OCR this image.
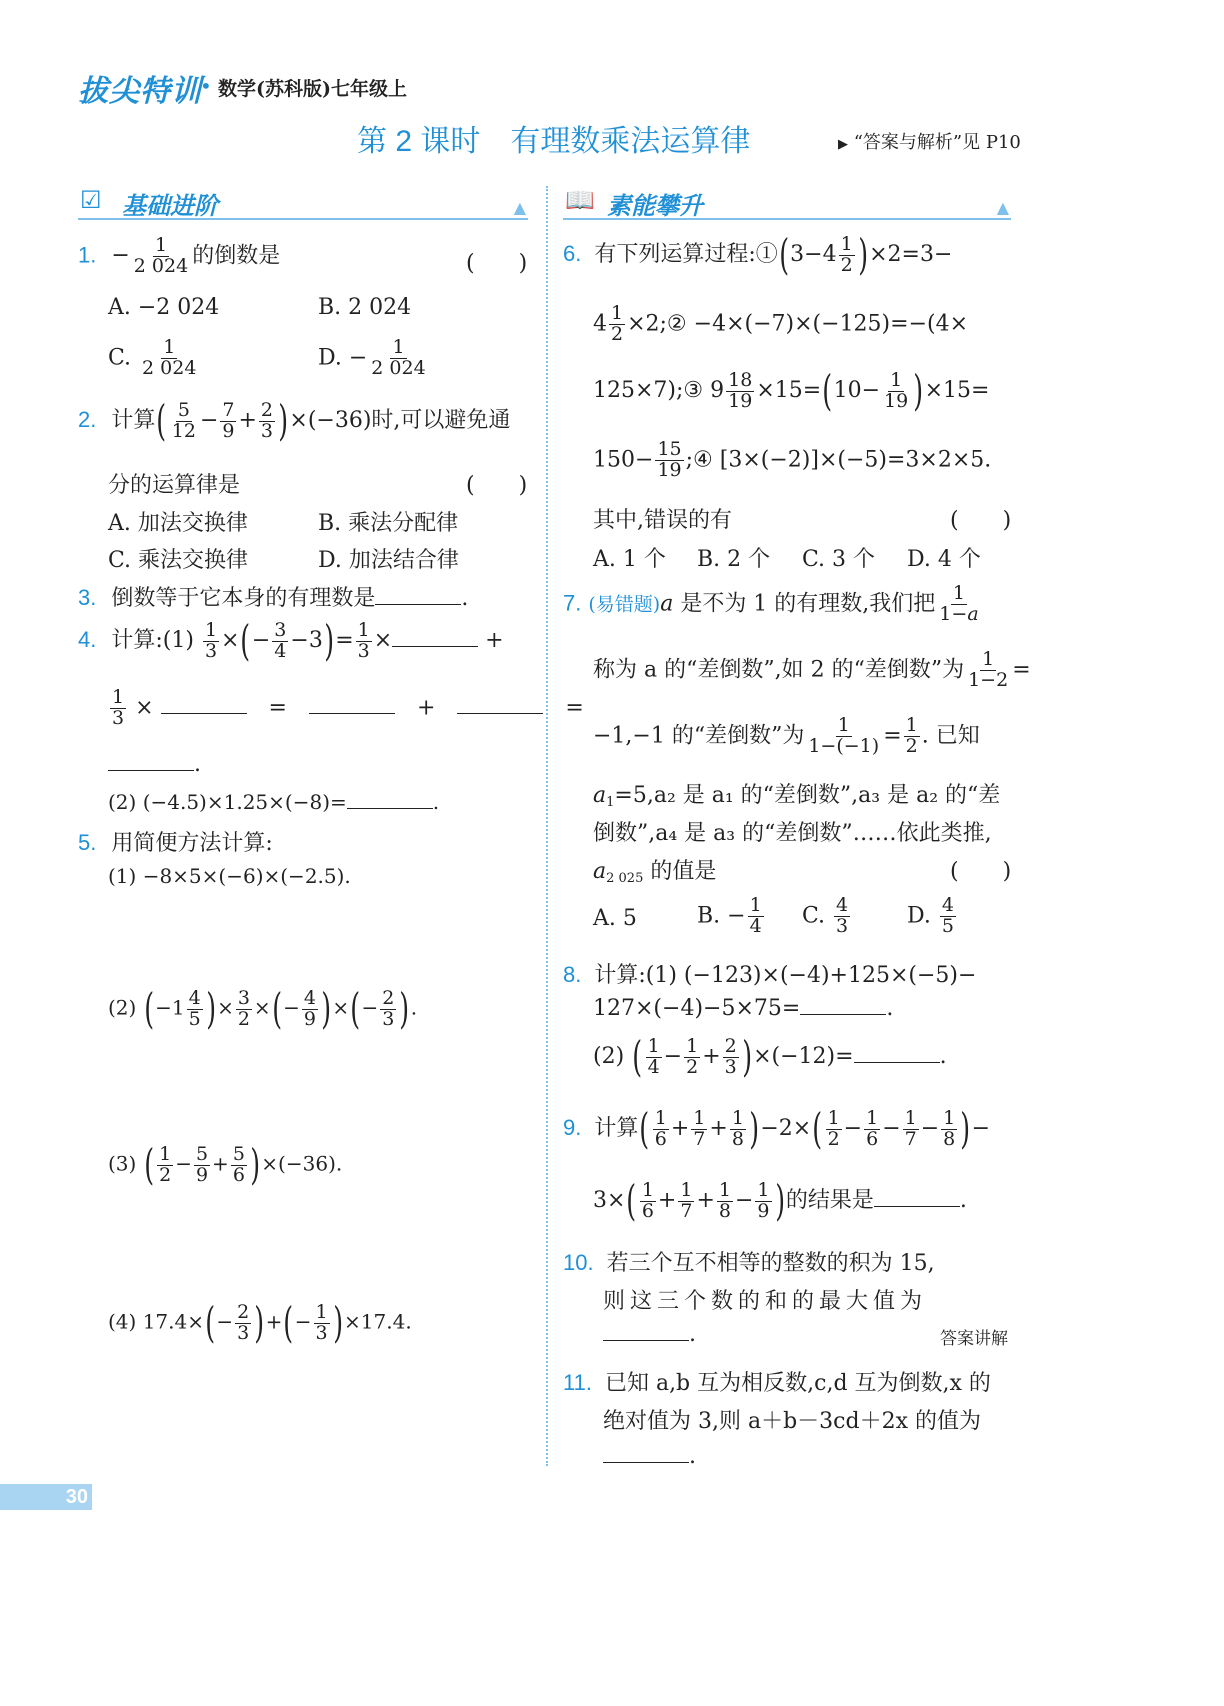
拔尖特训
• 数学(苏科版)七年级上
第 2 课时　有理数乘法运算律	▶ “答案与解析”见 P10
☑ 基础进阶	▲ 📖 素能攀升	▲
1. − $\frac{1}{2 024}$ 的倒数是	(　　)
A. −2 024	B. 2 024
C. $\frac{1}{2 024}$	D. − $\frac{1}{2 024}$
2. 计算( $\frac{5}{12} - \frac{7}{9} + \frac{2}{3} )\times(-36)$时,可以避免通
分的运算律是	(　　)
A. 加法交换律	B. 乘法分配律
C. 乘法交换律	D. 加法结合律
3. 倒数等于它本身的有理数是	.
4. 计算:(1) $\frac{1}{3}$ ×(− $\frac{3}{4} -3)= \frac{1}{3}$ ×	+
$\frac{1}{3}$ ×	　=　	　+　	　=
.
(2) (−4.5)×1.25×(−8)=	.
5. 用简便方法计算:
(1) −8×5×(−6)×(−2.5).
(2) ($-1 \frac{4}{5}$ )× $\frac{3}{2}$ ×(− $\frac{4}{9}$ )×(− $\frac{2}{3}$ ).
(3) ( $\frac{1}{2} - \frac{5}{9} + \frac{5}{6} )\times(-36)$.
(4) $17.4\times(- \frac{2}{3}$ )+(− $\frac{1}{3} )\times 17.4$.
6. 有下列运算过程:①(3−4 $\frac{1}{2} )\times 2=3-$
$4 \frac{1}{2}$ ×2;② −4×(−7)×(−125)=−(4×
125×7);③ $9 \frac{18}{19} \times 15=(10- \frac{1}{19} )\times 15=$
$150- \frac{15}{19}$ ;④ [3×(−2)]×(−5)=3×2×5.
其中,错误的有	(　　)
A. 1 个 B. 2 个 C. 3 个 D. 4 个
7. (易错题)a 是不为 1 的有理数,我们把 $\frac{1}{1-a}$
称为 a 的“差倒数”,如 2 的“差倒数”为 $\frac{1}{1-2}$ =
−1,−1 的“差倒数”为 $\frac{1}{1-(-1)} = \frac{1}{2}$ . 已知
$a_1=5,a_2$ 是 a₁ 的“差倒数”,a₃ 是 a₂ 的“差
倒数”,a₄ 是 a₃ 的“差倒数”……依此类推,
$a_{2 025}$ 的值是	(　　)
A. 5	B. − $\frac{1}{4} C$. $\frac{4}{3}$	D. $\frac{4}{5}$
8. 计算:(1) (−123)×(−4)+125×(−5)−
127×(−4)−5×75=	.
(2) ( $\frac{1}{4} - \frac{1}{2} + \frac{2}{3} )\times(-12)=$	.
9. 计算( $\frac{1}{6} + \frac{1}{7} + \frac{1}{8} )-2\times( \frac{1}{2} - \frac{1}{6} - \frac{1}{7} - \frac{1}{8}$ )−
$3\times( \frac{1}{6} + \frac{1}{7} + \frac{1}{8} - \frac{1}{9}$ )的结果是	.
10. 若三个互不相等的整数的积为 15,
则这三个数的和的最大值为
.	答案讲解
11. 已知 a,b 互为相反数,c,d 互为倒数,x 的
绝对值为 3,则 a＋b－3cd＋2x 的值为
.
30
